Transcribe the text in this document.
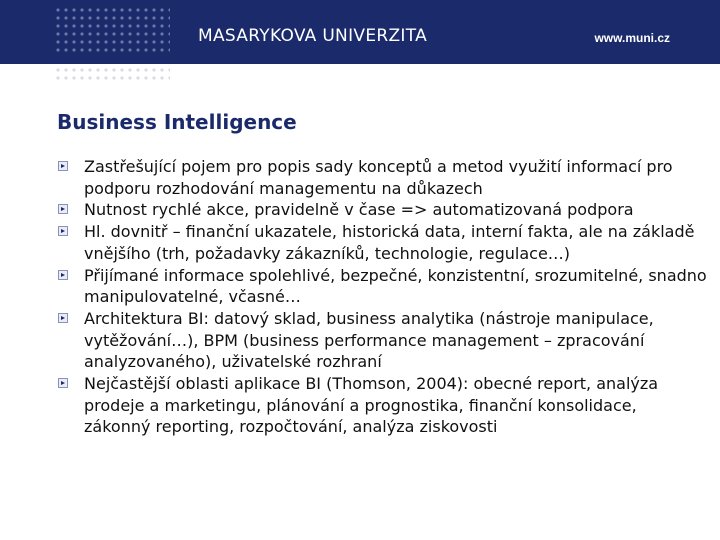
MASARYKOVA UNIVERZITA	www.muni.cz
Business Intelligence
Zastřešující pojem pro popis sady konceptů a metod využití informací pro podporu rozhodování managementu na důkazech
Nutnost rychlé akce, pravidelně v čase => automatizovaná podpora
Hl. dovnitř – finanční ukazatele, historická data, interní fakta, ale na základě vnějšího (trh, požadavky zákazníků, technologie, regulace…)
Přijímané informace spolehlivé, bezpečné, konzistentní, srozumitelné, snadno manipulovatelné, včasné…
Architektura BI: datový sklad, business analytika (nástroje manipulace, vytěžování…), BPM (business performance management – zpracování analyzovaného), uživatelské rozhraní
Nejčastější oblasti aplikace BI (Thomson, 2004): obecné report, analýza prodeje a marketingu, plánování a prognostika, finanční konsolidace, zákonný reporting, rozpočtování, analýza ziskovosti
